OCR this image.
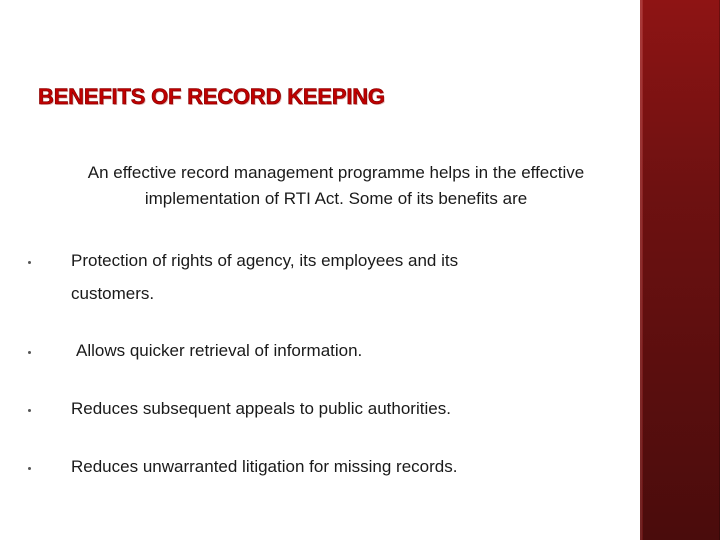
BENEFITS OF RECORD KEEPING

An effective record management programme helps in the effective implementation of RTI Act. Some of its benefits are

Protection of rights of agency, its employees and its customers.
Allows quicker retrieval of information.
Reduces subsequent appeals to public authorities.
Reduces unwarranted litigation for missing records.
